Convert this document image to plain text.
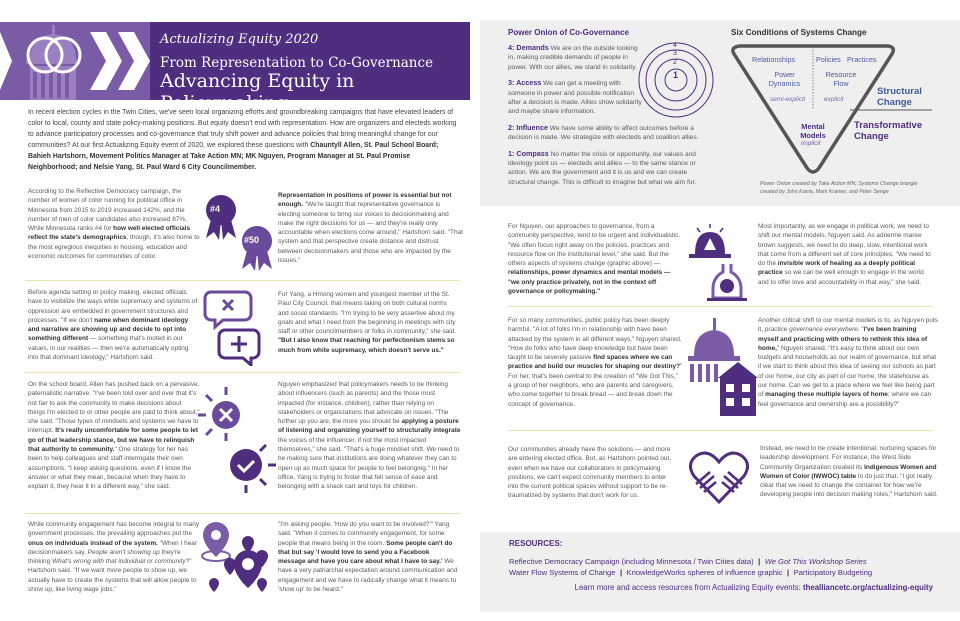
Actualizing Equity 2020
From Representation to Co-Governance
Advancing Equity in Policymaking
In recent election cycles in the Twin Cities, we've seen local organizing efforts and groundbreaking campaigns that have elevated leaders of color to local, county and state policy-making positions. But equity doesn't end with representation. How are organizers and electeds working to advance participatory processes and co-governance that truly shift power and advance policies that bring meaningful change for our communities? At our first Actualizing Equity event of 2020, we explored these questions with Chauntyll Allen, St. Paul School Board; Bahieh Hartshorn, Movement Politics Manager at Take Action MN; MK Nguyen, Program Manager at St. Paul Promise Neighborhood; and Nelsie Yang, St. Paul Ward 6 City Councilmember.
According to the Reflective Democracy campaign, the number of women of color running for political office in Minnesota from 2015 to 2019 increased 142%, and the number of men of color candidates also increased 87%. While Minnesota ranks #4 for how well elected officials reflect the state's demographics, though, it's also home to the most egregious inequities in housing, education and economic outcomes for communities of color.
#4
#50
Representation in positions of power is essential but not enough. "We're taught that representative governance is electing someone to bring our voices to decisionmaking and make the right decisions for us — and they're really only accountable when elections come around," Hartshorn said. "That system and that perspective create distance and distrust between decisionmakers and those who are impacted by the issues."
Before agenda setting or policy making, elected officials have to visibilize the ways white supremacy and systems of oppression are embedded in government structures and processes. "If we don't name when dominant ideology and narrative are showing up and decide to opt into something different — something that's rooted in our values, in our realities — then we're automatically opting into that dominant ideology," Hartshorn said.
For Yang, a Hmong women and youngest member of the St. Paul City Council, that means taking on both cultural norms and social standards. "I'm trying to be very assertive about my goals and what I need from the beginning in meetings with city staff or other councilmembers or folks in community," she said. "But I also know that reaching for perfectionism stems so much from white supremacy, which doesn't serve us."
On the school board, Allen has pushed back on a pervasive, paternalistic narrative. "I've been told over and over that it's not fair to ask the community to make decisions about things I'm elected to or other people are paid to think about," she said. "Those types of mindsets and systems we have to interrupt. It's really uncomfortable for some people to let go of that leadership stance, but we have to relinquish that authority to community." One strategy for her has been to help colleagues and staff interrogate their own assumptions. "I keep asking questions, even if I know the answer or what they mean, because when they have to explain it, they hear it in a different way," she said.
Nguyen emphasized that policymakers needs to be thinking about influencers (such as parents) and the those most impacted (for instance, children), rather than relying on stakeholders or organizations that advocate on issues. "The further up you are, the more you should be applying a posture of listening and organizing yourself to structurally integrate the voices of the influencer, if not the most impacted themselves," she said. "That's a huge mindset shift. We need to be making sure that institutions are doing whatever they can to open up as much space for people to feel belonging." In her office, Yang is trying to foster that felt sense of ease and belonging with a snack cart and toys for children.
While community engagement has become integral to many government processes, the prevailing approaches put the onus on individuals instead of the system. "When I hear decisionmakers say, People aren't showing up they're thinking What's wrong with that individual or community?" Hartshorn said. "If we want more people to show up, we actually have to create the systems that will allow people to show up, like living wage jobs."
"I'm asking people, 'How do you want to be involved?'" Yang said. "When it comes to community engagement, for some people that means being in the room. Some people can't do that but say 'I would love to send you a Facebook message and have you care about what I have to say.' We have a very patriarchal expectation around communication and engagement and we have to radically change what it means to 'show up' to be heard."
Power Onion of Co-Governance

4: Demands We are on the outside looking in, making credible demands of people in power. With our allies, we stand in solidarity.

3: Access We can get a meeting with someone in power and possible notification after a decision is made. Allies show solidarity and maybe share information.

2: Influence We have some ability to affect outcomes before a decision is made. We strategize with electeds and coalition allies.

1: Compass No matter the crisis or opportunity, our values and ideology point us — electeds and allies — to the same stance or action. We are the government and it is us and we can create structural change. This is difficult to imagine but what we aim for.

4
3
2
1
Six Conditions of Systems Change
Relationships	Policies Practices
Power Dynamics
Resource Flow
semi-explicit	explicit
Structural Change
Mental Models
implicit
Transformative Change
Power Onion created by Take Action MN; Systems Change triangle created by John Kania, Mark Kramer, and Peter Senge
For Nguyen, our approaches to governance, from a community perspective, tend to be urgent and individualistic. "We often focus right away on the policies, practices and resource flow on the institutional level," she said. But the others aspects of systems change (graphic above) — relationships, power dynamics and mental models — "we only practice privately, not in the context off governance or policymaking."
Most importantly, as we engage in political work, we need to shift our mental models, Nguyen said. As adrienne maree brown suggests, we need to do deep, slow, intentional work that come from a different set of core principles. "We need to do the invisible work of healing as a deeply political practice so we can be well enough to engage in the world and to offer love and accountability in that way," she said.
For so many communities, public policy has been deeply harmful. "A lot of folks I'm in relationship with have been attacked by the system in all different ways," Nguyen shared. "How do folks who have deep knowledge but have been taught to be severely passive find spaces where we can practice and build our muscles for shaping our destiny?" For her, that's been central to the creation of "We Got This," a group of her neighbors, who are parents and caregivers, who come together to break bread — and break down the concept of governance.
Another critical shift to our mental models is to, as Nguyen puts it, practice governance everywhere. "I've been training myself and practicing with others to rethink this idea of home," Nguyen shared. "It's easy to think about our own budgets and households as our realm of governance, but what if we start to think about this idea of seeing our schools as part of our home, our city as part of our home, the statehouse as our home. Can we get to a place where we feel like being part of managing these multiple layers of home; where we can feel governance and ownership are a possibility?"
Our communities already have the solutions — and more are entering elected office. But, as Hartshorn pointed out, even when we have our collaborators in policymaking positions, we can't expect community members to enter into the current political spaces without support to be re-traumatized by systems that don't work for us.
Instead, we need to be create intentional, nurturing spaces for leadership development. For instance, the West Side Community Organization created its Indigenous Women and Women of Color (IWWOC) table to do just that. "I got really clear that we need to change the container for how we're developing people into decision making roles," Hartshorn said.
RESOURCES:
Reflective Democracy Campaign (including Minnesota / Twin Cities data) | We Got This Workshop Series
Water Flow Systems of Change | KnowledgeWorks spheres of influence graphic | Participatory Budgeting
Learn more and access resources from Actualizing Equity events: thealliancetc.org/actualizing-equity
